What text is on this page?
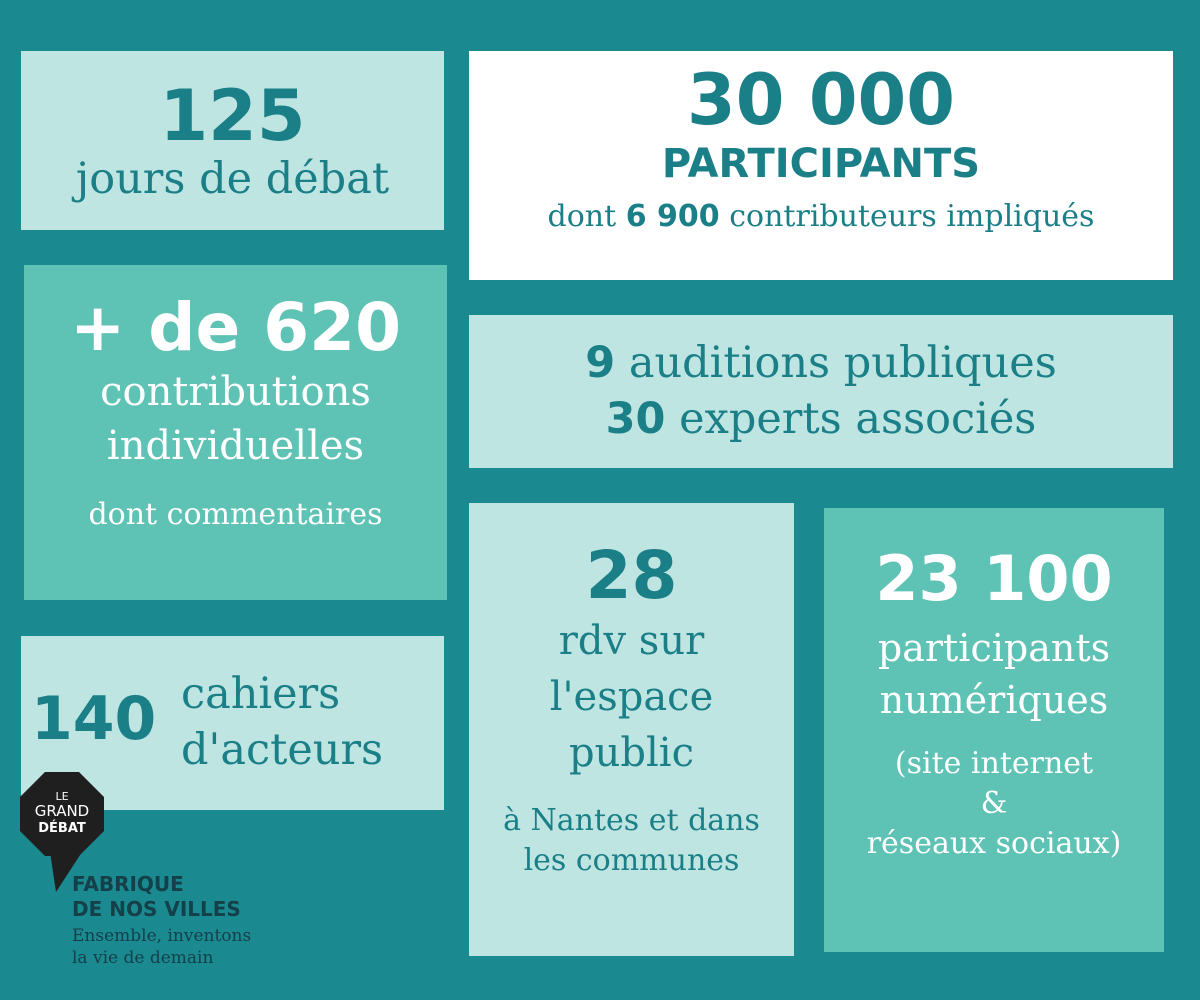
125
jours de débat
30 000
PARTICIPANTS
dont 6 900 contributeurs impliqués
+ de 620
contributions
individuelles
dont commentaires
9 auditions publiques
30 experts associés
140 cahiers
d'acteurs
28
rdv sur
l'espace
public
à Nantes et dans
les communes
23 100
participants
numériques
(site internet
&
réseaux sociaux)
LE
GRAND
DÉBAT
FABRIQUE
DE NOS VILLES
Ensemble, inventons
la vie de demain
